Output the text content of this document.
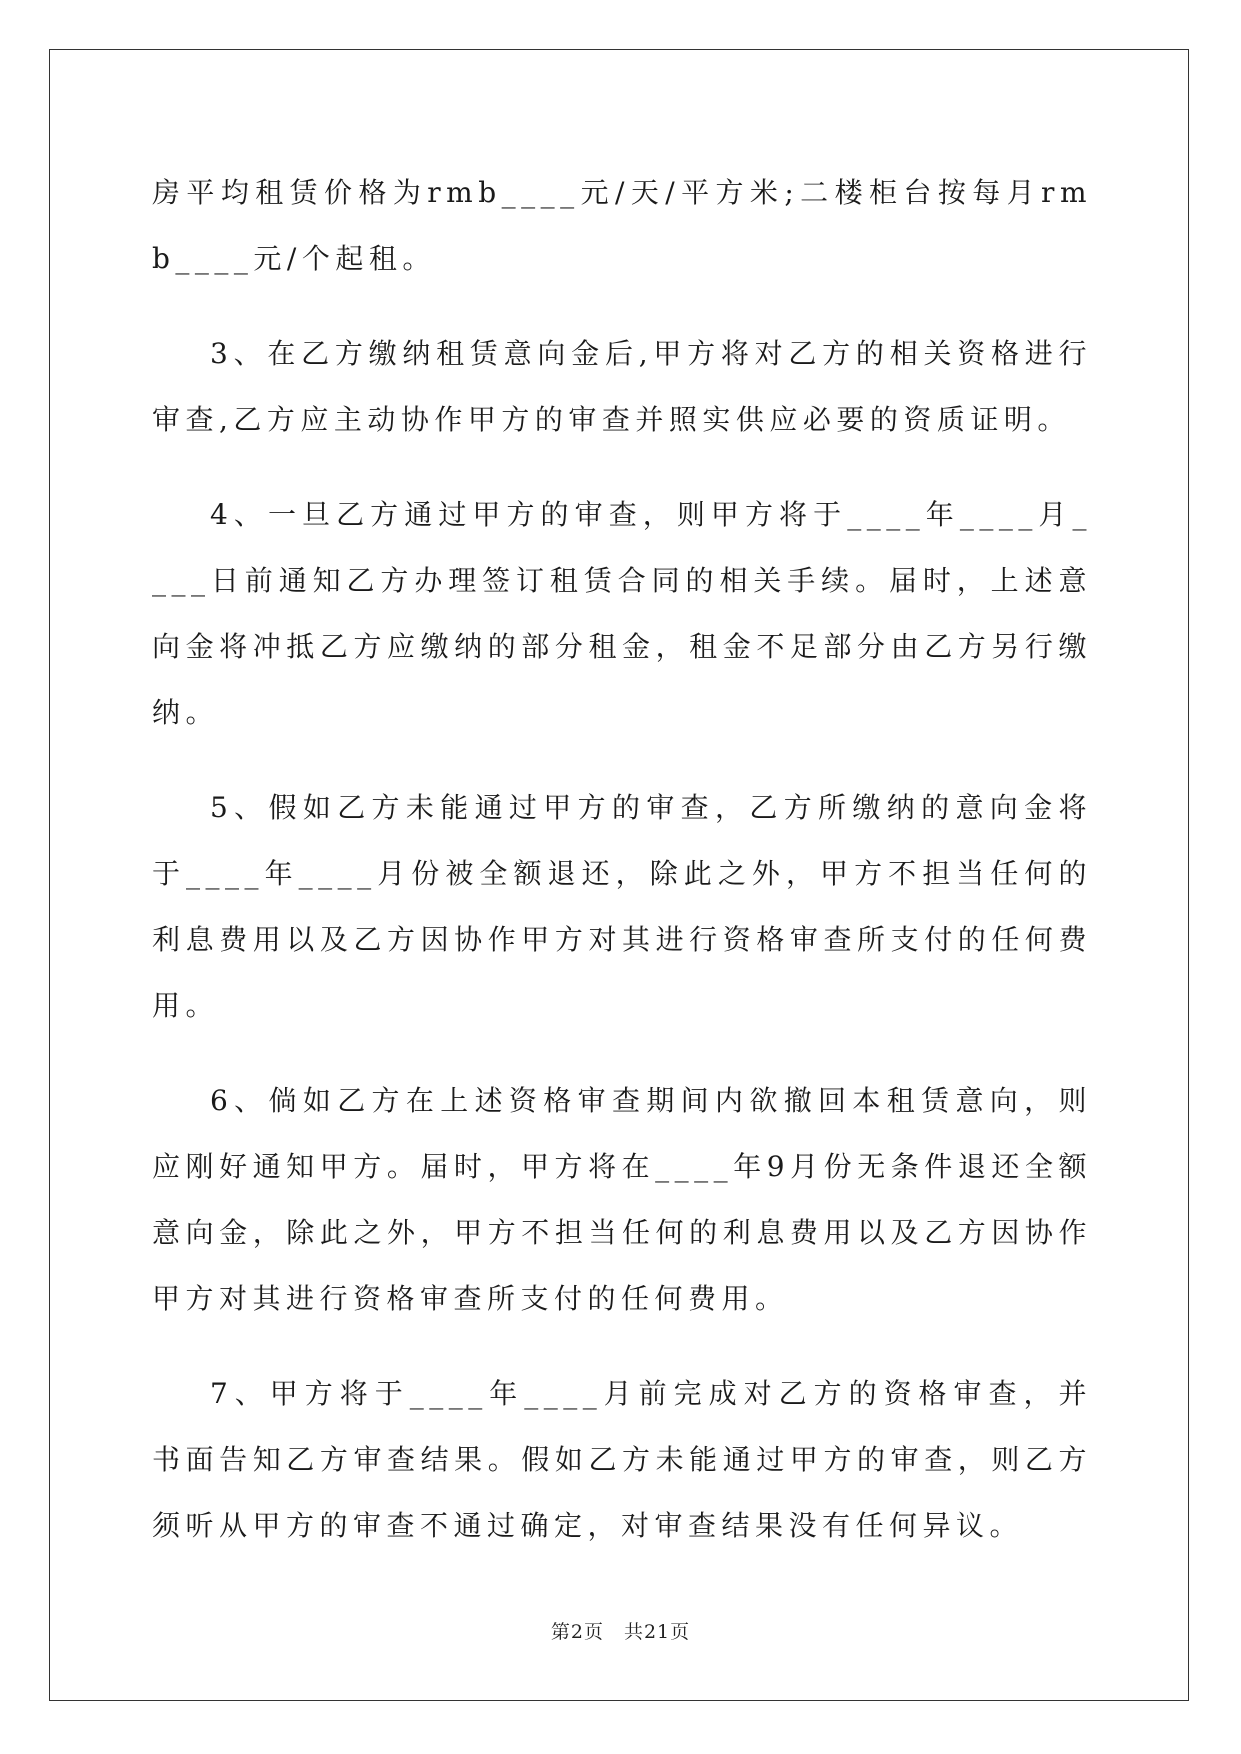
房平均租赁价格为rmb____元/天/平方米;二楼柜台按每月rmb____元/个起租。

3、在乙方缴纳租赁意向金后,甲方将对乙方的相关资格进行审查,乙方应主动协作甲方的审查并照实供应必要的资质证明。

4、一旦乙方通过甲方的审查，则甲方将于____年____月____日前通知乙方办理签订租赁合同的相关手续。届时，上述意向金将冲抵乙方应缴纳的部分租金，租金不足部分由乙方另行缴纳。

5、假如乙方未能通过甲方的审查，乙方所缴纳的意向金将于____年____月份被全额退还，除此之外，甲方不担当任何的利息费用以及乙方因协作甲方对其进行资格审查所支付的任何费用。

6、倘如乙方在上述资格审查期间内欲撤回本租赁意向，则应刚好通知甲方。届时，甲方将在____年9月份无条件退还全额意向金，除此之外，甲方不担当任何的利息费用以及乙方因协作甲方对其进行资格审查所支付的任何费用。

7、甲方将于____年____月前完成对乙方的资格审查，并书面告知乙方审查结果。假如乙方未能通过甲方的审查，则乙方须听从甲方的审查不通过确定，对审查结果没有任何异议。

第2页 共21页
